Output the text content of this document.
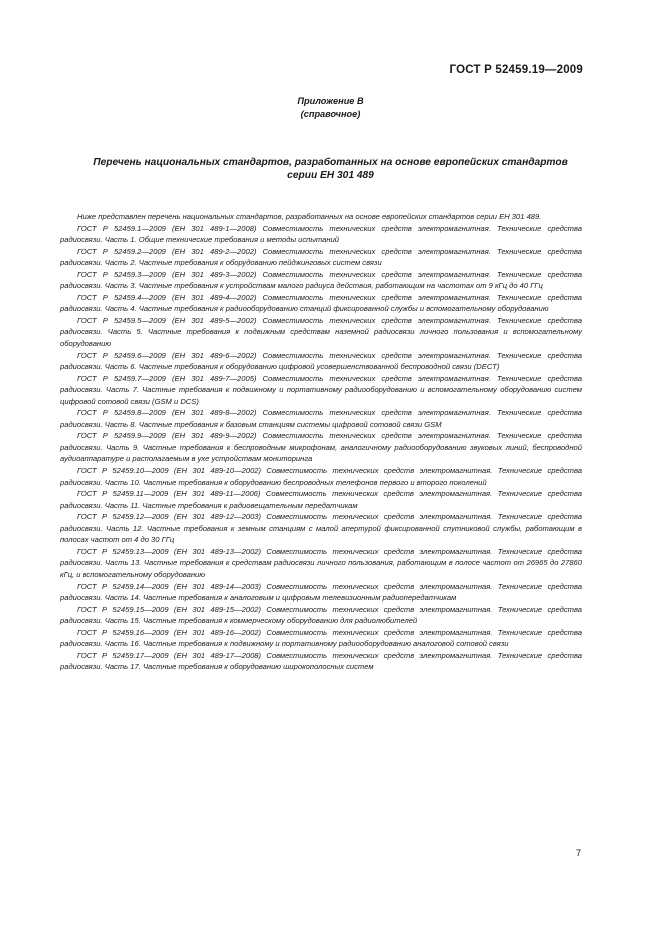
ГОСТ Р 52459.19—2009
Приложение В
(справочное)
Перечень национальных стандартов, разработанных на основе европейских стандартов
серии ЕН 301 489

Ниже представлен перечень национальных стандартов, разработанных на основе европейских стандартов серии ЕН 301 489.

ГОСТ Р 52459.1—2009 (ЕН 301 489-1—2008) Совместимость технических средств электромагнитная. Технические средства радиосвязи. Часть 1. Общие технические требования и методы испытаний

ГОСТ Р 52459.2—2009 (ЕН 301 489-2—2002) Совместимость технических средств электромагнитная. Технические средства радиосвязи. Часть 2. Частные требования к оборудованию пейджинговых систем связи

ГОСТ Р 52459.3—2009 (ЕН 301 489-3—2002) Совместимость технических средств электромагнитная. Технические средства радиосвязи. Часть 3. Частные требования к устройствам малого радиуса действия, работающим на частотах от 9 кГц до 40 ГГц

ГОСТ Р 52459.4—2009 (ЕН 301 489-4—2002) Совместимость технических средств электромагнитная. Технические средства радиосвязи. Часть 4. Частные требования к радиооборудованию станций фиксированной службы и вспомогательному оборудованию

ГОСТ Р 52459.5—2009 (ЕН 301 489-5—2002) Совместимость технических средств электромагнитная. Технические средства радиосвязи. Часть 5. Частные требования к подвижным средствам наземной радиосвязи личного пользования и вспомогательному оборудованию

ГОСТ Р 52459.6—2009 (ЕН 301 489-6—2002) Совместимость технических средств электромагнитная. Технические средства радиосвязи. Часть 6. Частные требования к оборудованию цифровой усовершенствованной беспроводной связи (DECT)

ГОСТ Р 52459.7—2009 (ЕН 301 489-7—2005) Совместимость технических средств электромагнитная. Технические средства радиосвязи. Часть 7. Частные требования к подвижному и портативному радиооборудованию и вспомогательному оборудованию систем цифровой сотовой связи (GSM и DCS)

ГОСТ Р 52459.8—2009 (ЕН 301 489-8—2002) Совместимость технических средств электромагнитная. Технические средства радиосвязи. Часть 8. Частные требования к базовым станциям системы цифровой сотовой связи GSM

ГОСТ Р 52459.9—2009 (ЕН 301 489-9—2002) Совместимость технических средств электромагнитная. Технические средства радиосвязи. Часть 9. Частные требования к беспроводным микрофонам, аналогичному радиооборудованию звуковых линий, беспроводной аудиоаппаратуре и располагаемым в ухе устройствам мониторинга

ГОСТ Р 52459.10—2009 (ЕН 301 489-10—2002) Совместимость технических средств электромагнитная. Технические средства радиосвязи. Часть 10. Частные требования к оборудованию беспроводных телефонов первого и второго поколений

ГОСТ Р 52459.11—2009 (ЕН 301 489-11—2006) Совместимость технических средств электромагнитная. Технические средства радиосвязи. Часть 11. Частные требования к радиовещательным передатчикам

ГОСТ Р 52459.12—2009 (ЕН 301 489-12—2003) Совместимость технических средств электромагнитная. Технические средства радиосвязи. Часть 12. Частные требования к земным станциям с малой апертурой фиксированной спутниковой службы, работающим в полосах частот от 4 до 30 ГГц

ГОСТ Р 52459.13—2009 (ЕН 301 489-13—2002) Совместимость технических средств электромагнитная. Технические средства радиосвязи. Часть 13. Частные требования к средствам радиосвязи личного пользования, работающим в полосе частот от 26965 до 27860 кГц, и вспомогательному оборудованию

ГОСТ Р 52459.14—2009 (ЕН 301 489-14—2003) Совместимость технических средств электромагнитная. Технические средства радиосвязи. Часть 14. Частные требования к аналоговым и цифровым телевизионным радиопередатчикам

ГОСТ Р 52459.15—2009 (ЕН 301 489-15—2002) Совместимость технических средств электромагнитная. Технические средства радиосвязи. Часть 15. Частные требования к коммерческому оборудованию для радиолюбителей

ГОСТ Р 52459.16—2009 (ЕН 301 489-16—2002) Совместимость технических средств электромагнитная. Технические средства радиосвязи. Часть 16. Частные требования к подвижному и портативному радиооборудованию аналоговой сотовой связи

ГОСТ Р 52459.17—2009 (ЕН 301 489-17—2008) Совместимость технических средств электромагнитная. Технические средства радиосвязи. Часть 17. Частные требования к оборудованию широкополосных систем

7
